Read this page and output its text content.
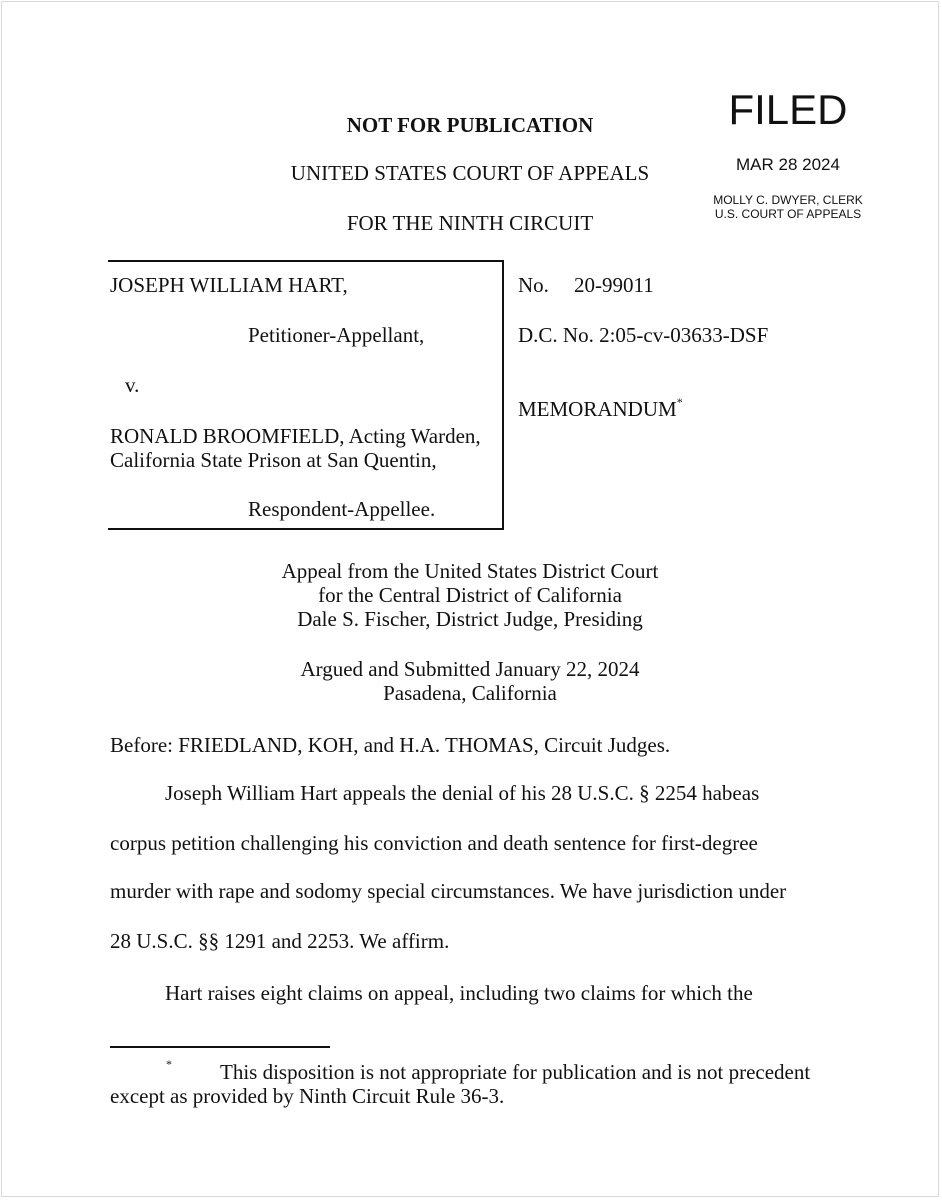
NOT FOR PUBLICATION
UNITED STATES COURT OF APPEALS
FOR THE NINTH CIRCUIT
FILED
MAR 28 2024
MOLLY C. DWYER, CLERK
U.S. COURT OF APPEALS
JOSEPH WILLIAM HART,
Petitioner-Appellant,
v.
RONALD BROOMFIELD, Acting Warden,
California State Prison at San Quentin,
Respondent-Appellee.
No. 20-99011
D.C. No. 2:05-cv-03633-DSF
MEMORANDUM*
Appeal from the United States District Court
for the Central District of California
Dale S. Fischer, District Judge, Presiding
Argued and Submitted January 22, 2024
Pasadena, California
Before: FRIEDLAND, KOH, and H.A. THOMAS, Circuit Judges.
Joseph William Hart appeals the denial of his 28 U.S.C. § 2254 habeas
corpus petition challenging his conviction and death sentence for first-degree
murder with rape and sodomy special circumstances. We have jurisdiction under
28 U.S.C. §§ 1291 and 2253. We affirm.
Hart raises eight claims on appeal, including two claims for which the
* This disposition is not appropriate for publication and is not precedent
except as provided by Ninth Circuit Rule 36-3.
